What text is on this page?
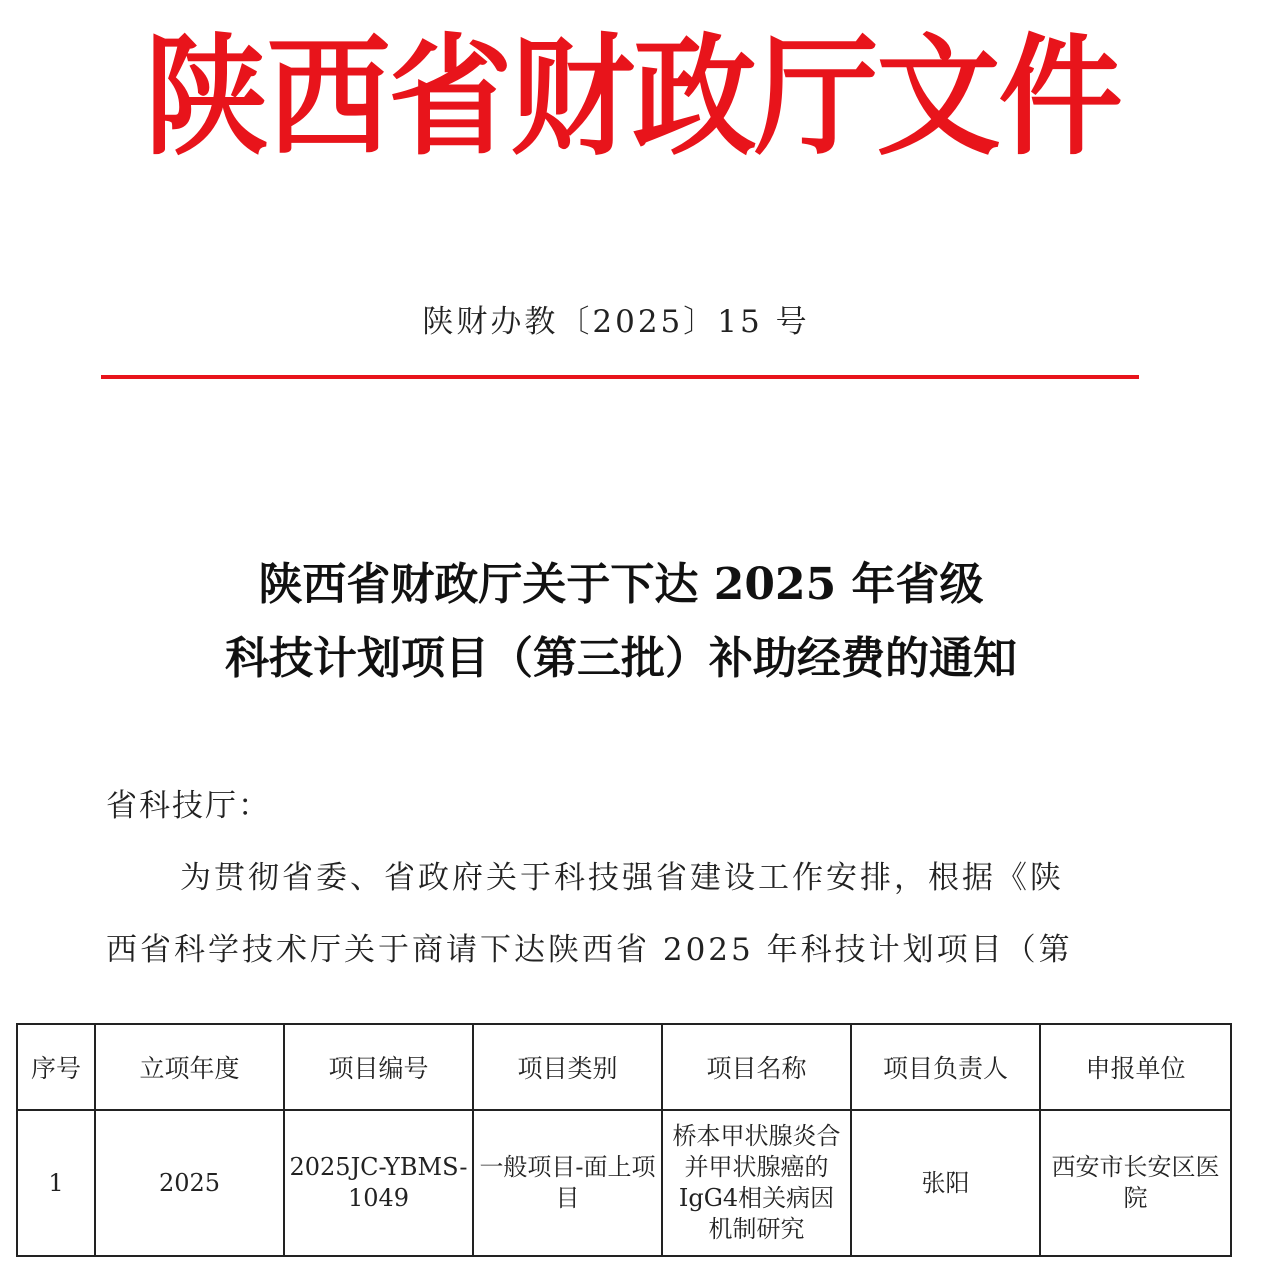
陕西省财政厅文件
陕财办教〔2025〕15 号
陕西省财政厅关于下达 2025 年省级
科技计划项目（第三批）补助经费的通知
省科技厅：
为贯彻省委、省政府关于科技强省建设工作安排，根据《陕
西省科学技术厅关于商请下达陕西省 2025 年科技计划项目（第
序号	立项年度	项目编号	项目类别	项目名称	项目负责人	申报单位
1	2025	2025JC-YBMS-1049	一般项目-面上项目	桥本甲状腺炎合并甲状腺癌的IgG4相关病因机制研究	张阳	西安市长安区医院
